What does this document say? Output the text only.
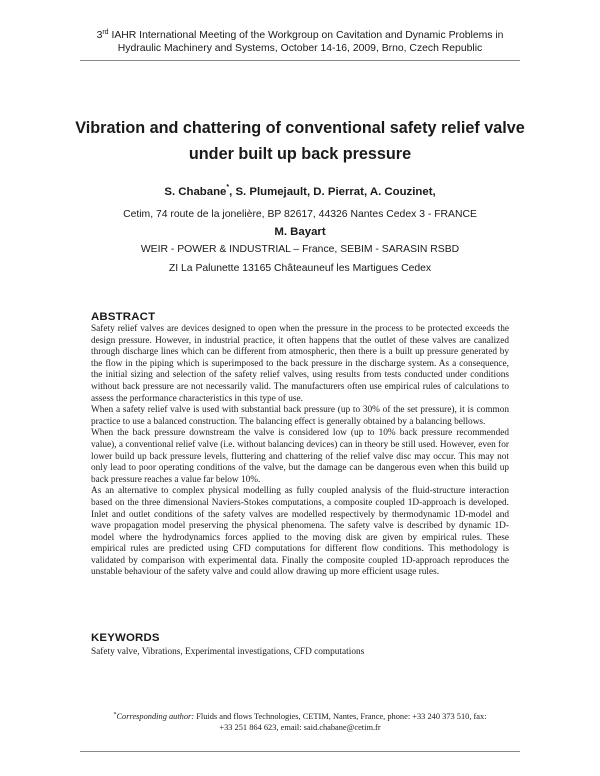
3rd IAHR International Meeting of the Workgroup on Cavitation and Dynamic Problems in
Hydraulic Machinery and Systems, October 14-16, 2009, Brno, Czech Republic
Vibration and chattering of conventional safety relief valve
under built up back pressure
S. Chabane*, S. Plumejault, D. Pierrat, A. Couzinet,
Cetim, 74 route de la jonelière, BP 82617, 44326 Nantes Cedex 3 - FRANCE
M. Bayart
WEIR - POWER & INDUSTRIAL – France, SEBIM - SARASIN RSBD
ZI La Palunette 13165 Châteauneuf les Martigues Cedex
ABSTRACT

Safety relief valves are devices designed to open when the pressure in the process to be protected exceeds the design pressure. However, in industrial practice, it often happens that the outlet of these valves are canalized through discharge lines which can be different from atmospheric, then there is a built up pressure generated by the flow in the piping which is superimposed to the back pressure in the discharge system. As a consequence, the initial sizing and selection of the safety relief valves, using results from tests conducted under conditions without back pressure are not necessarily valid. The manufacturers often use empirical rules of calculations to assess the performance characteristics in this type of use.

When a safety relief valve is used with substantial back pressure (up to 30% of the set pressure), it is common practice to use a balanced construction. The balancing effect is generally obtained by a balancing bellows.

When the back pressure downstream the valve is considered low (up to 10% back pressure recommended value), a conventional relief valve (i.e. without balancing devices) can in theory be still used. However, even for lower build up back pressure levels, fluttering and chattering of the relief valve disc may occur. This may not only lead to poor operating conditions of the valve, but the damage can be dangerous even when this build up back pressure reaches a value far below 10%.

As an alternative to complex physical modelling as fully coupled analysis of the fluid-structure interaction based on the three dimensional Naviers-Stokes computations, a composite coupled 1D-approach is developed. Inlet and outlet conditions of the safety valves are modelled respectively by thermodynamic 1D-model and wave propagation model preserving the physical phenomena. The safety valve is described by dynamic 1D-model where the hydrodynamics forces applied to the moving disk are given by empirical rules. These empirical rules are predicted using CFD computations for different flow conditions. This methodology is validated by comparison with experimental data. Finally the composite coupled 1D-approach reproduces the unstable behaviour of the safety valve and could allow drawing up more efficient usage rules.

KEYWORDS
Safety valve, Vibrations, Experimental investigations, CFD computations
*Corresponding author: Fluids and flows Technologies, CETIM, Nantes, France, phone: +33 240 373 510, fax:
+33 251 864 623, email: said.chabane@cetim.fr
